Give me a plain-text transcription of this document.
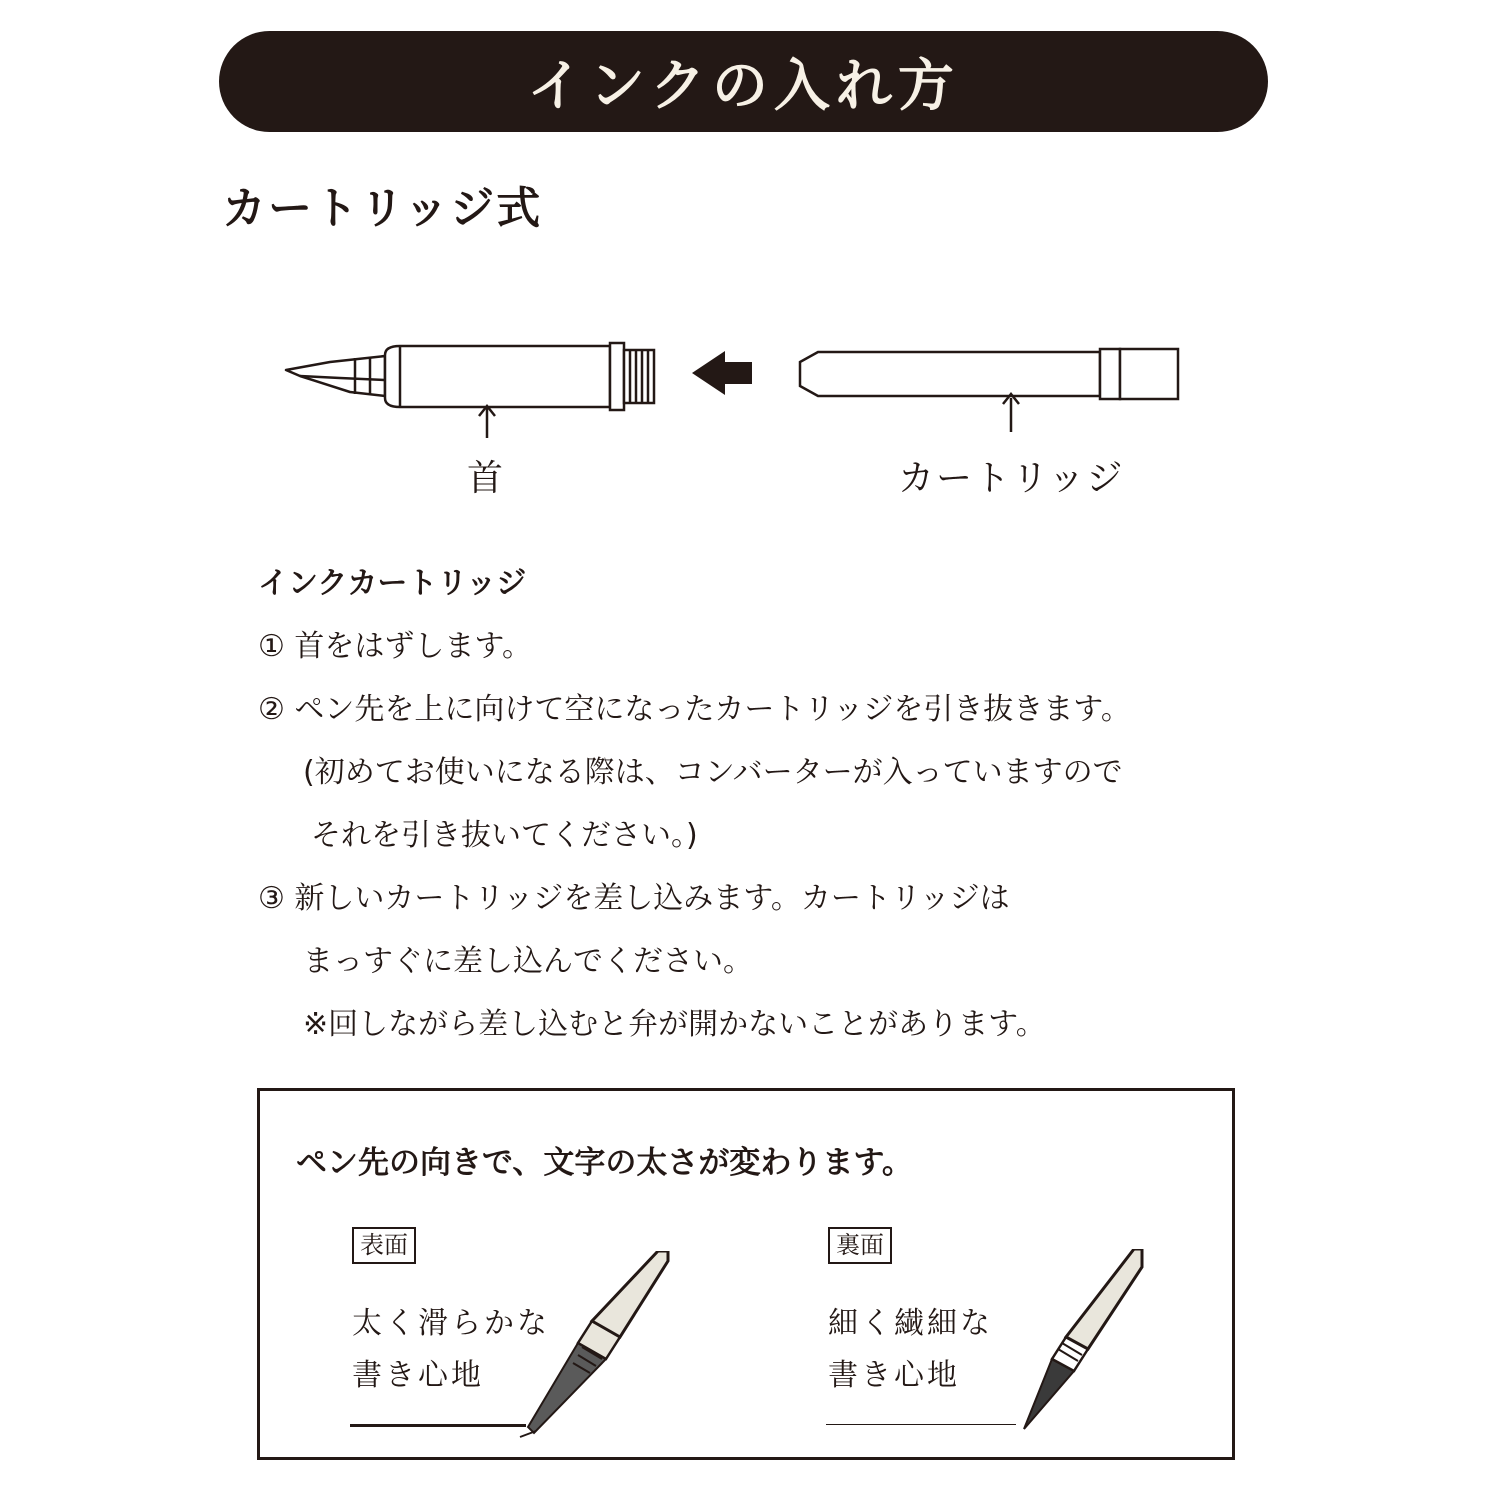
インクの入れ方
カートリッジ式
首	カートリッジ
インクカートリッジ
① 首をはずします。
② ペン先を上に向けて空になったカートリッジを引き抜きます。
(初めてお使いになる際は、コンバーターが入っていますので
それを引き抜いてください。)
③ 新しいカートリッジを差し込みます。カートリッジは
まっすぐに差し込んでください。
※回しながら差し込むと弁が開かないことがあります。
ペン先の向きで、文字の太さが変わります。
表面
太く滑らかな
書き心地
裏面
細く繊細な
書き心地
